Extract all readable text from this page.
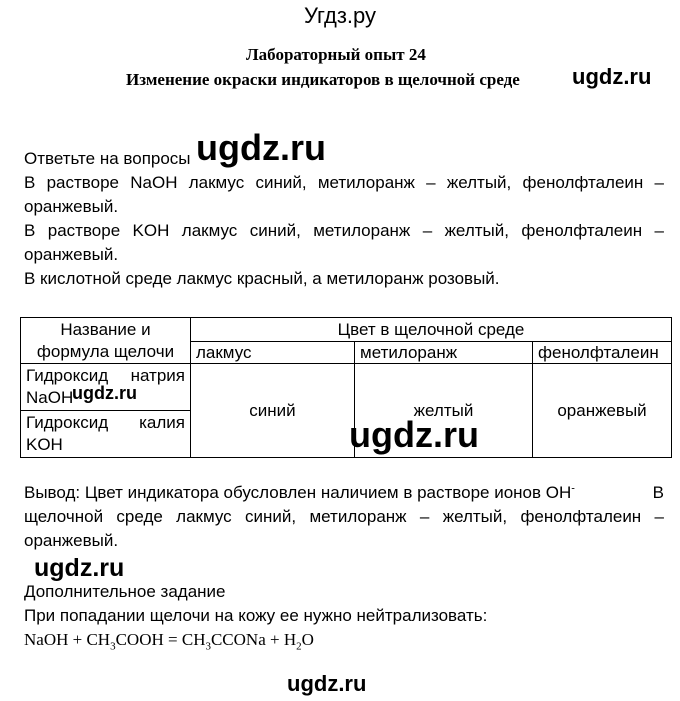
Угдз.ру
Лабораторный опыт 24
Изменение окраски индикаторов в щелочной среде ugdz.ru
Ответьте на вопросы ugdz.ru
В растворе NaOH лакмус синий, метилоранж – желтый, фенолфталеин –
оранжевый.
В растворе KOH лакмус синий, метилоранж – желтый, фенолфталеин –
оранжевый.
В кислотной среде лакмус красный, а метилоранж розовый.
Название и
формула щелочи	Цвет в щелочной среде		
	лакмус	метилоранж	фенолфталеин

Гидроксид натрия
NaOH	синий	желтый	оранжевый

Гидроксид калия
KOH			
ugdz.ru
ugdz.ru
Вывод: Цвет индикатора обусловлен наличием в растворе ионов OH-	В
щелочной среде лакмус синий, метилоранж – желтый, фенолфталеин –
оранжевый.
ugdz.ru
Дополнительное задание
При попадании щелочи на кожу ее нужно нейтрализовать:
NaOH + $CH_3COOH$ = $CH_3CCONa + H_2O$
ugdz.ru
